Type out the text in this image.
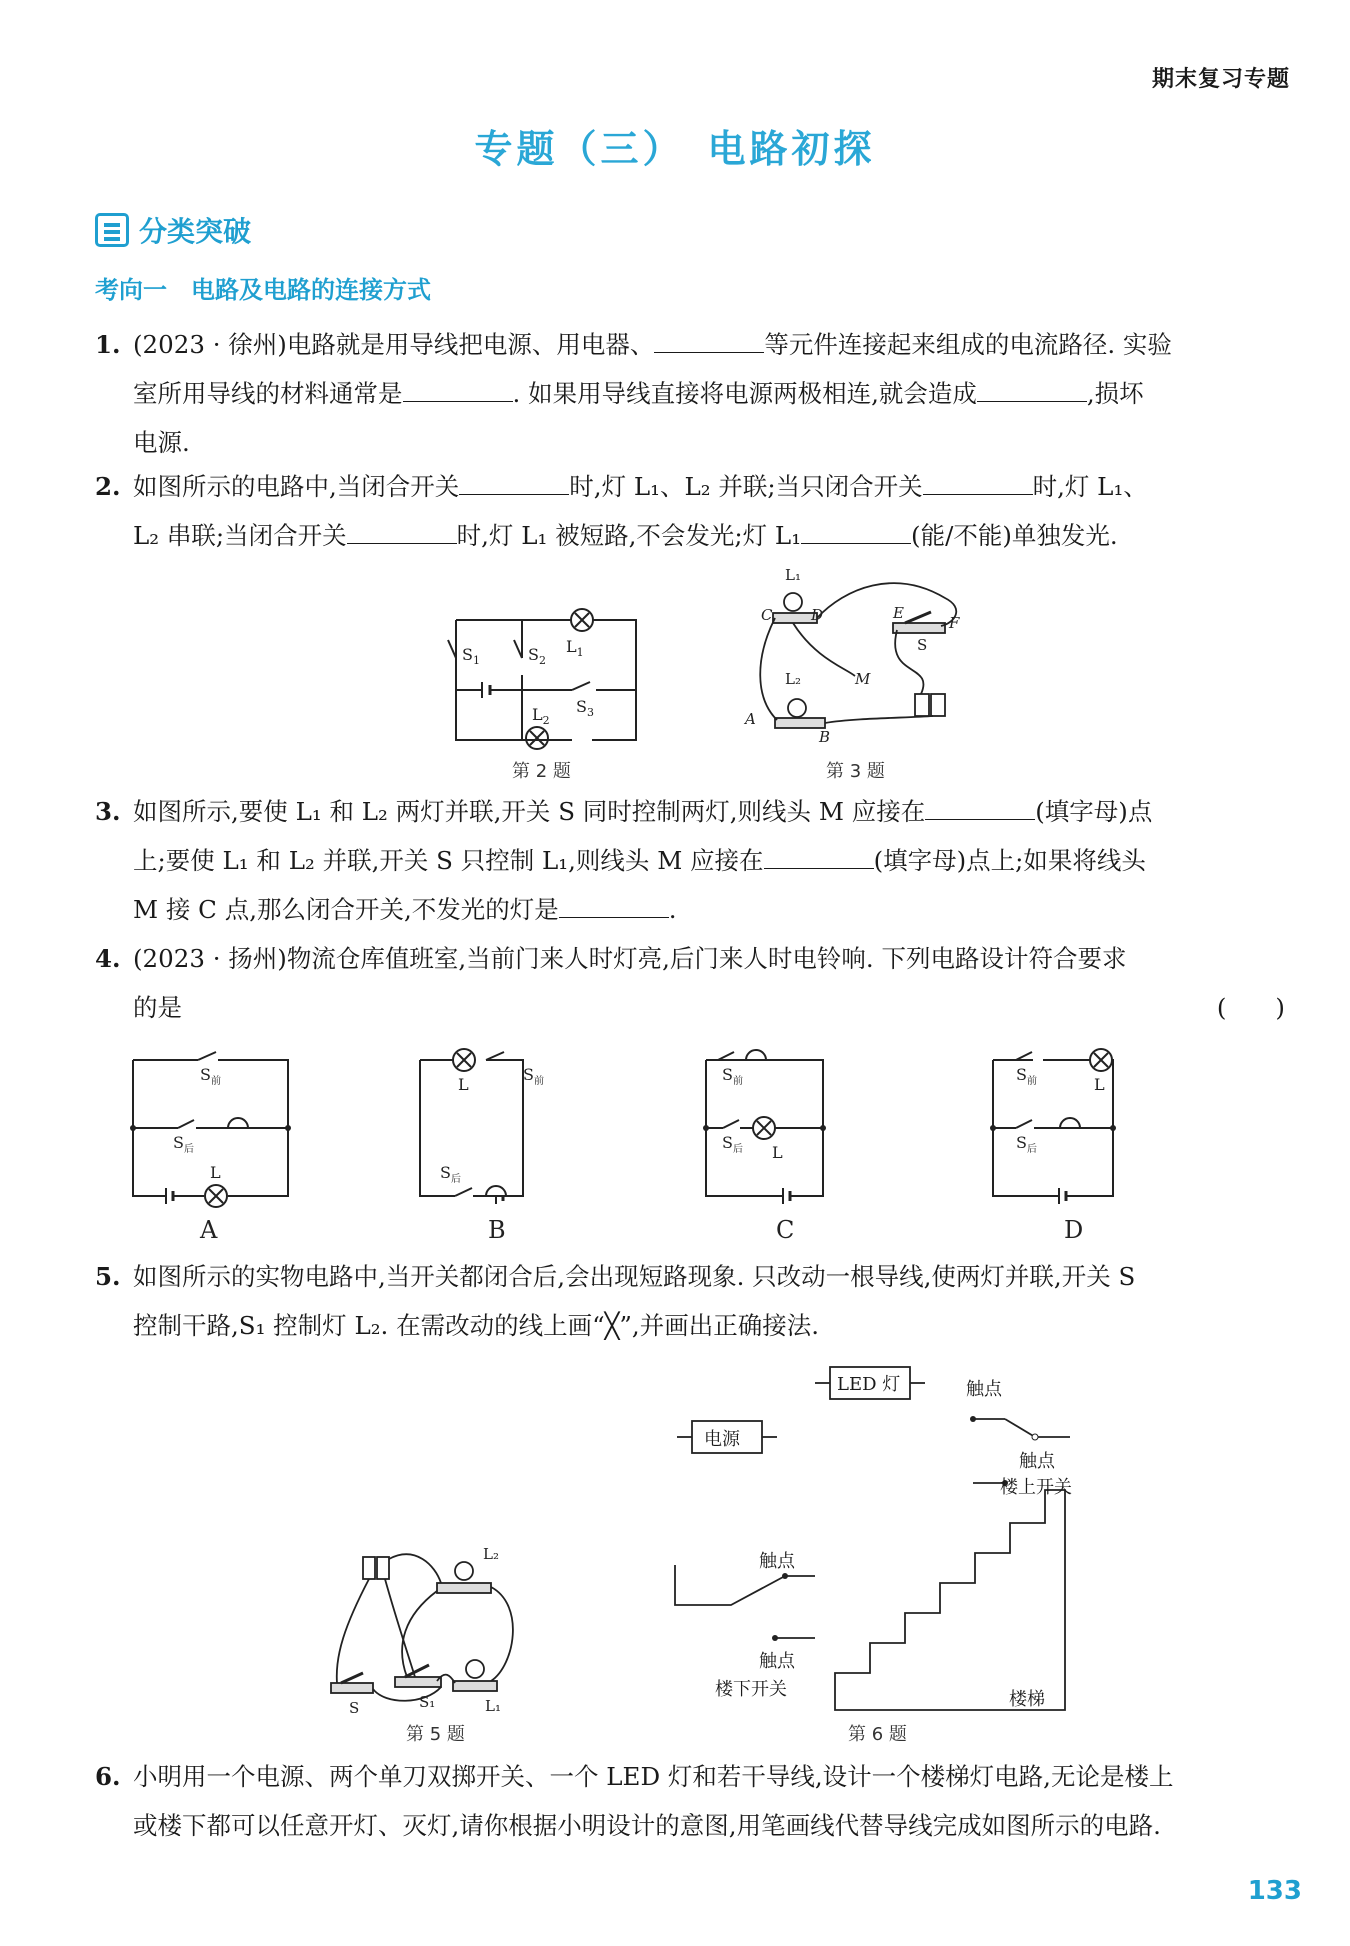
期末复习专题
专题（三）　电路初探
分类突破
考向一　电路及电路的连接方式
1. (2023 · 徐州)电路就是用导线把电源、用电器、	等元件连接起来组成的电流路径. 实验
室所用导线的材料通常是	. 如果用导线直接将电源两极相连,就会造成	,损坏
电源.
2. 如图所示的电路中,当闭合开关	时,灯 L₁、L₂ 并联;当只闭合开关	时,灯 L₁、
L₂ 串联;当闭合开关	时,灯 L₁ 被短路,不会发光;灯 L₁	(能/不能)单独发光.
$S_1$	$S_2$
$L_1$
$L_2$
$S_3$
第 2 题
L₁
C	D	E
F
S
L₂	M
A
B
第 3 题
3. 如图所示,要使 L₁ 和 L₂ 两灯并联,开关 S 同时控制两灯,则线头 M 应接在	(填字母)点
上;要使 L₁ 和 L₂ 并联,开关 S 只控制 L₁,则线头 M 应接在	(填字母)点上;如果将线头
M 接 C 点,那么闭合开关,不发光的灯是	.
4. (2023 · 扬州)物流仓库值班室,当前门来人时灯亮,后门来人时电铃响. 下列电路设计符合要求
的是	(　　)
$S_前$
$S_后$
L
L
$S_前$
$S_后$
$S_前$
$S_后$ L
$S_前$	L
$S_后$
A	B	C	D
5. 如图所示的实物电路中,当开关都闭合后,会出现短路现象. 只改动一根导线,使两灯并联,开关 S
控制干路,S₁ 控制灯 L₂. 在需改动的线上画“╳”,并画出正确接法.
L₂
S	S₁	L₁
第 5 题
LED 灯
电源
触点
触点
楼上开关
触点
触点
楼下开关	楼梯
第 6 题
6. 小明用一个电源、两个单刀双掷开关、一个 LED 灯和若干导线,设计一个楼梯灯电路,无论是楼上
或楼下都可以任意开灯、灭灯,请你根据小明设计的意图,用笔画线代替导线完成如图所示的电路.
133
